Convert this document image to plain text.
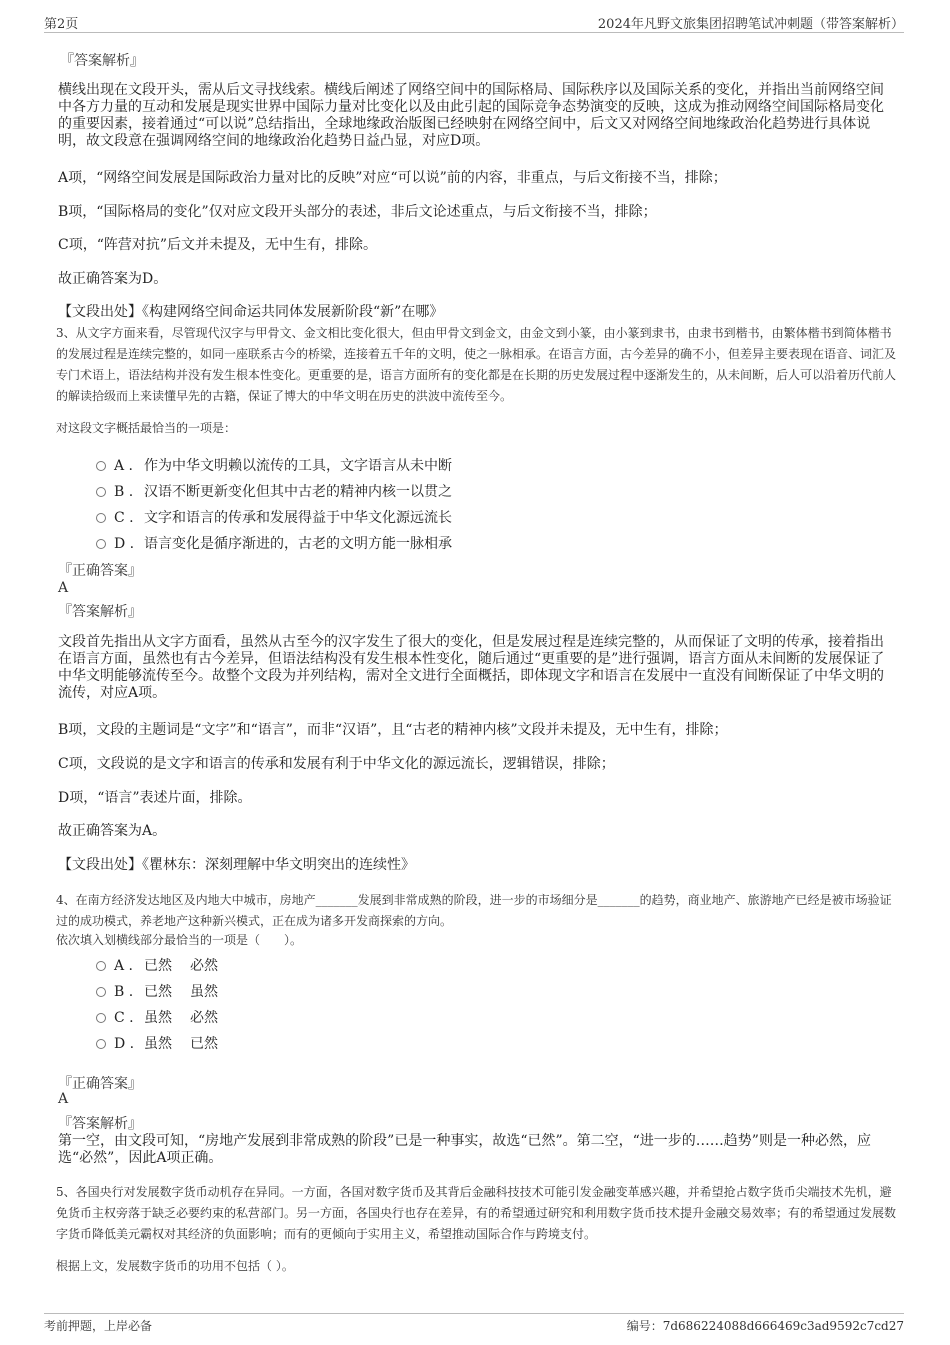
第2页	2024年凡野文旅集团招聘笔试冲刺题（带答案解析）
『答案解析』
横线出现在文段开头，需从后文寻找线索。横线后阐述了网络空间中的国际格局、国际秩序以及国际关系的变化，并指出当前网络空间中各方力量的互动和发展是现实世界中国际力量对比变化以及由此引起的国际竞争态势演变的反映，这成为推动网络空间国际格局变化的重要因素，接着通过“可以说”总结指出，全球地缘政治版图已经映射在网络空间中，后文又对网络空间地缘政治化趋势进行具体说明，故文段意在强调网络空间的地缘政治化趋势日益凸显，对应D项。
A项，“网络空间发展是国际政治力量对比的反映”对应“可以说”前的内容，非重点，与后文衔接不当，排除；
B项，“国际格局的变化”仅对应文段开头部分的表述，非后文论述重点，与后文衔接不当，排除；
C项，“阵营对抗”后文并未提及，无中生有，排除。
故正确答案为D。
【文段出处】《构建网络空间命运共同体发展新阶段“新”在哪》
3、从文字方面来看，尽管现代汉字与甲骨文、金文相比变化很大，但由甲骨文到金文，由金文到小篆，由小篆到隶书，由隶书到楷书，由繁体楷书到简体楷书的发展过程是连续完整的，如同一座联系古今的桥梁，连接着五千年的文明，使之一脉相承。在语言方面，古今差异的确不小，但差异主要表现在语音、词汇及专门术语上，语法结构并没有发生根本性变化。更重要的是，语言方面所有的变化都是在长期的历史发展过程中逐渐发生的，从未间断，后人可以沿着历代前人的解读拾级而上来读懂早先的古籍，保证了博大的中华文明在历史的洪波中流传至今。
对这段文字概括最恰当的一项是：
A . 作为中华文明赖以流传的工具，文字语言从未中断
B . 汉语不断更新变化但其中古老的精神内核一以贯之
C . 文字和语言的传承和发展得益于中华文化源远流长
D . 语言变化是循序渐进的，古老的文明方能一脉相承
『正确答案』
A
『答案解析』
文段首先指出从文字方面看，虽然从古至今的汉字发生了很大的变化，但是发展过程是连续完整的，从而保证了文明的传承，接着指出在语言方面，虽然也有古今差异，但语法结构没有发生根本性变化，随后通过“更重要的是”进行强调，语言方面从未间断的发展保证了中华文明能够流传至今。故整个文段为并列结构，需对全文进行全面概括，即体现文字和语言在发展中一直没有间断保证了中华文明的流传，对应A项。
B项，文段的主题词是“文字”和“语言”，而非“汉语”，且“古老的精神内核”文段并未提及，无中生有，排除；
C项，文段说的是文字和语言的传承和发展有利于中华文化的源远流长，逻辑错误，排除；
D项，“语言”表述片面，排除。
故正确答案为A。
【文段出处】《瞿林东：深刻理解中华文明突出的连续性》
4、在南方经济发达地区及内地大中城市，房地产_______发展到非常成熟的阶段，进一步的市场细分是_______的趋势，商业地产、旅游地产已经是被市场验证过的成功模式，养老地产这种新兴模式，正在成为诸多开发商探索的方向。
依次填入划横线部分最恰当的一项是（　　）。
A . 已然 必然
B . 已然 虽然
C . 虽然 必然
D . 虽然 已然
『正确答案』
A
『答案解析』
第一空，由文段可知，“房地产发展到非常成熟的阶段”已是一种事实，故选“已然”。第二空，“进一步的……趋势”则是一种必然，应选“必然”，因此A项正确。
5、各国央行对发展数字货币动机存在异同。一方面，各国对数字货币及其背后金融科技技术可能引发金融变革感兴趣，并希望抢占数字货币尖端技术先机，避免货币主权旁落于缺乏必要约束的私营部门。另一方面，各国央行也存在差异，有的希望通过研究和利用数字货币技术提升金融交易效率；有的希望通过发展数字货币降低美元霸权对其经济的负面影响；而有的更倾向于实用主义，希望推动国际合作与跨境支付。
根据上文，发展数字货币的功用不包括（ ）。
考前押题，上岸必备	编号：7d686224088d666469c3ad9592c7cd27
